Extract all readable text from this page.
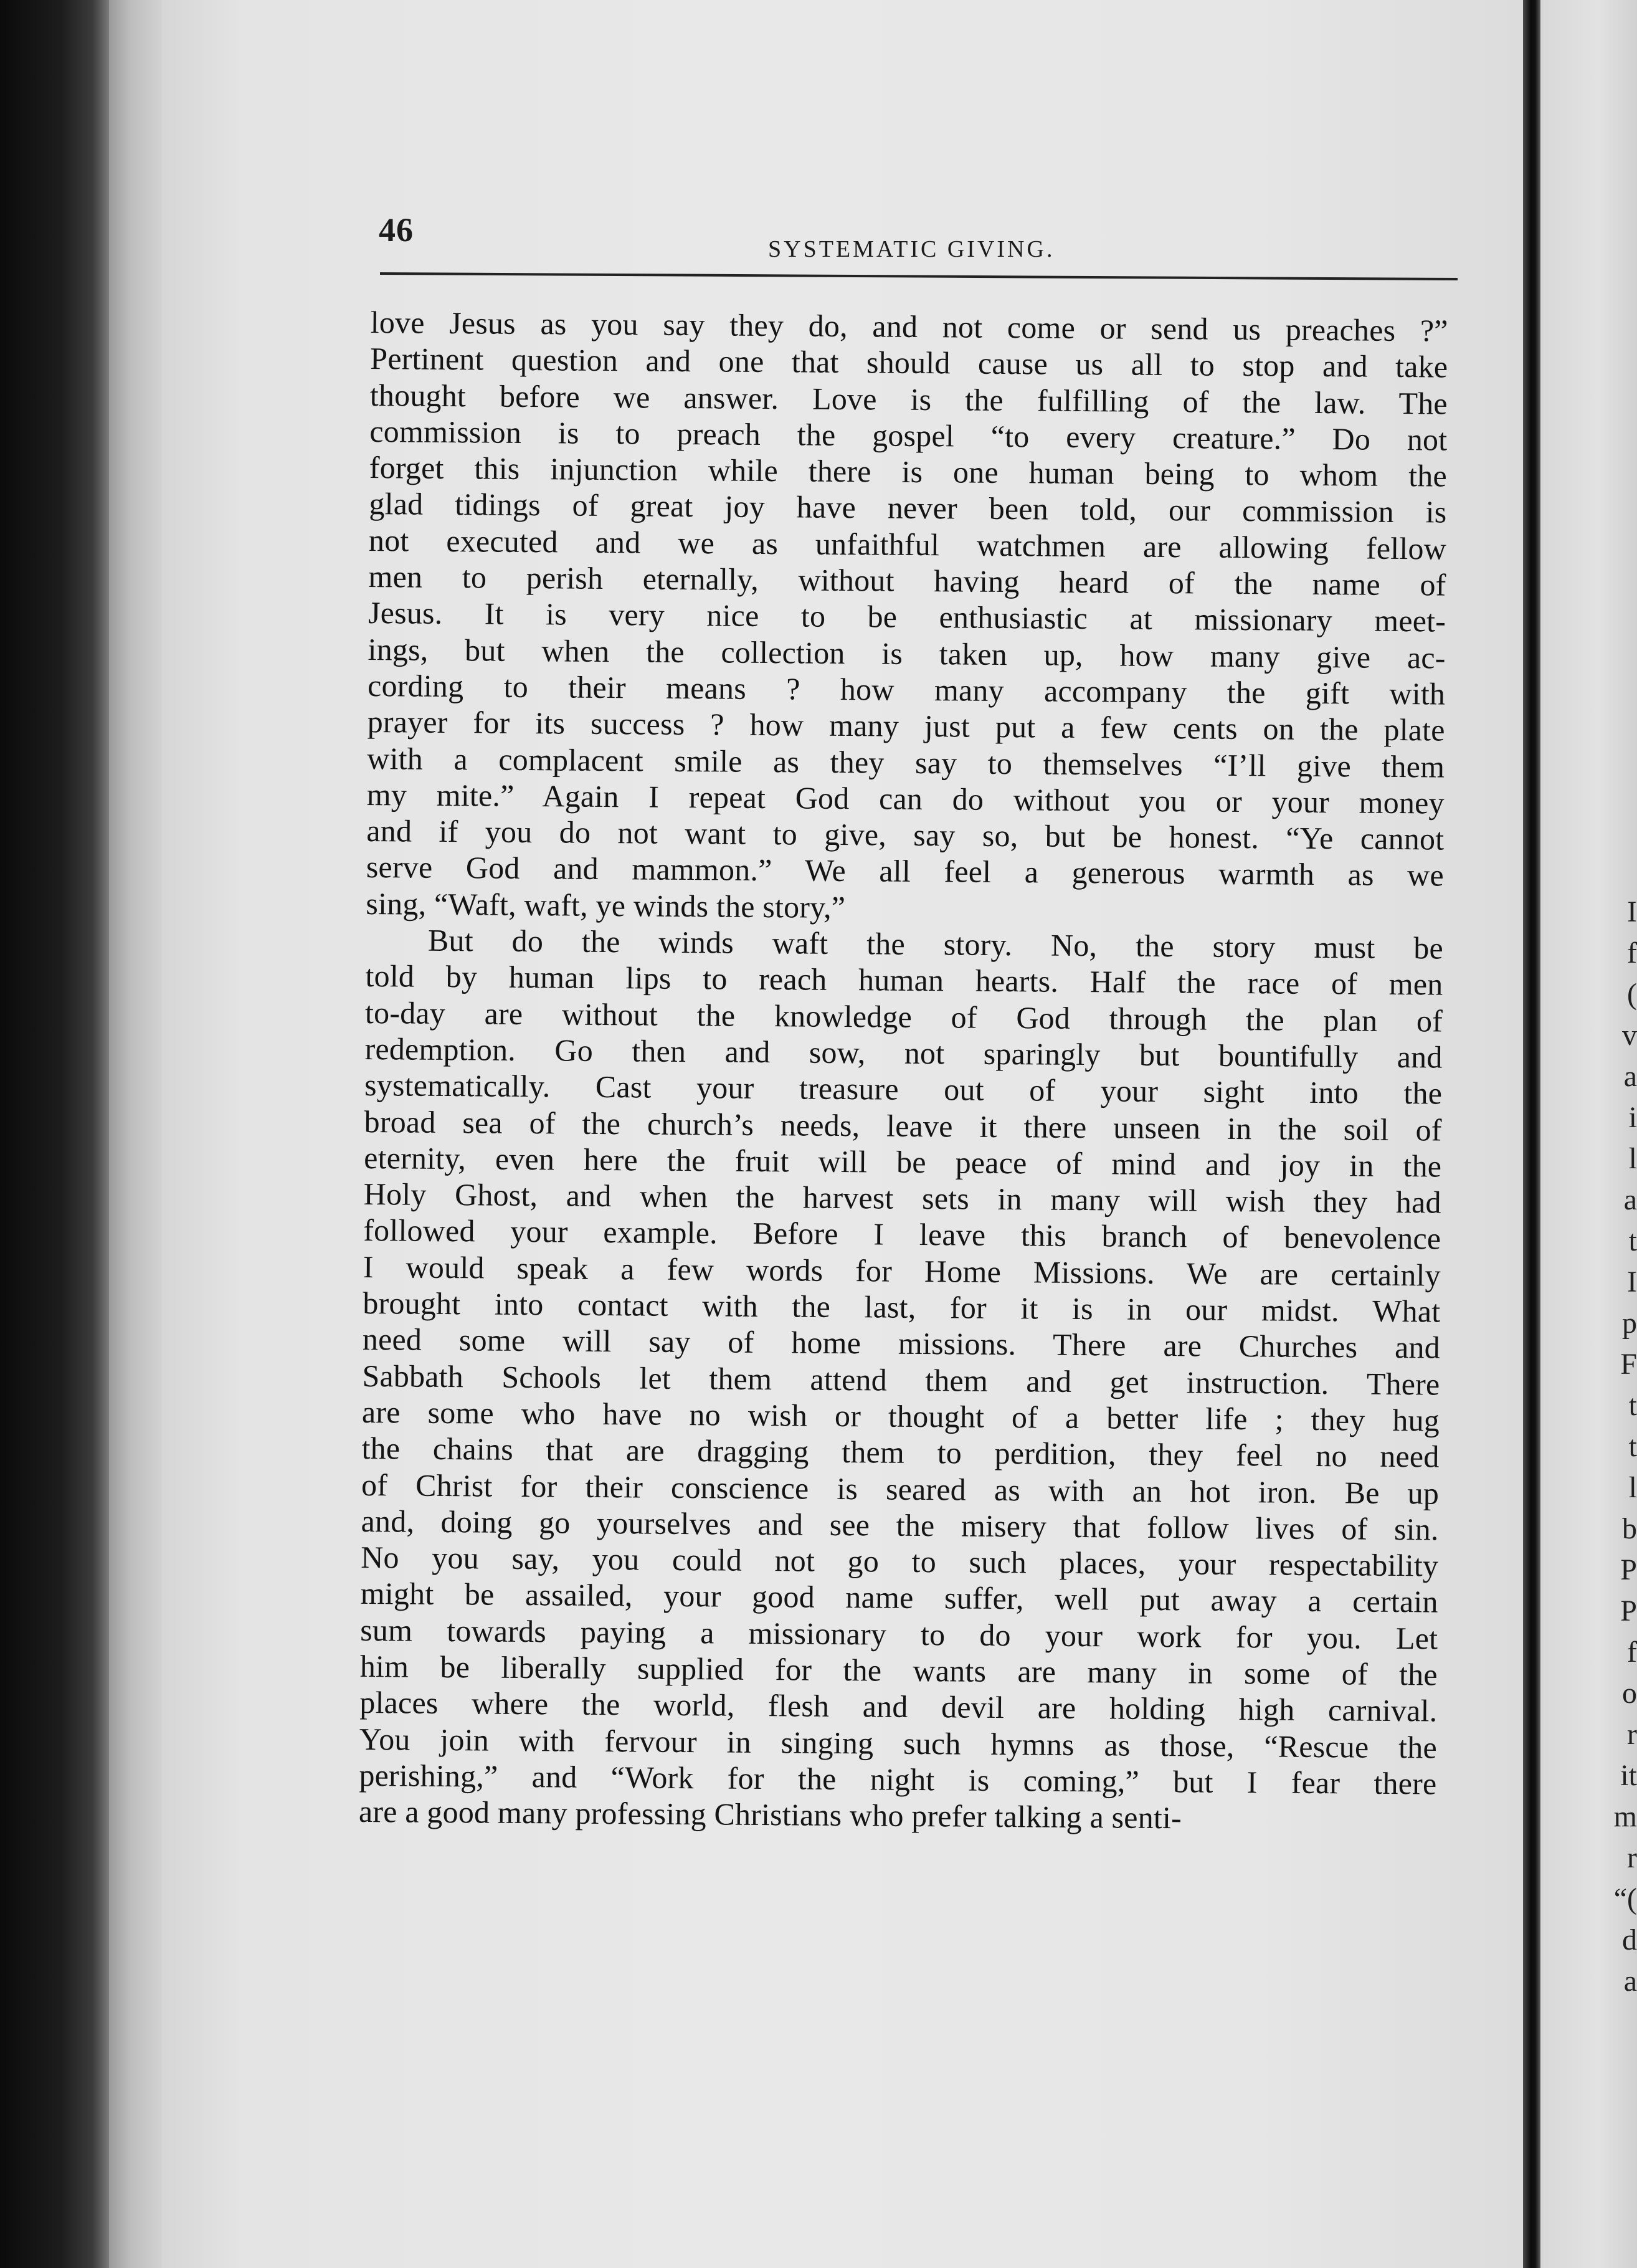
46
SYSTEMATIC GIVING.
love Jesus as you say they do, and not come or send us preaches ?”
Pertinent question and one that should cause us all to stop and take
thought before we answer. Love is the fulfilling of the law. The
commission is to preach the gospel “to every creature.” Do not
forget this injunction while there is one human being to whom the
glad tidings of great joy have never been told, our commission is
not executed and we as unfaithful watchmen are allowing fellow
men to perish eternally, without having heard of the name of
Jesus. It is very nice to be enthusiastic at missionary meet-
ings, but when the collection is taken up, how many give ac-
cording to their means ? how many accompany the gift with
prayer for its success ? how many just put a few cents on the plate
with a complacent smile as they say to themselves “I’ll give them
my mite.” Again I repeat God can do without you or your money
and if you do not want to give, say so, but be honest. “Ye cannot
serve God and mammon.” We all feel a generous warmth as we
sing, “Waft, waft, ye winds the story,”
But do the winds waft the story. No, the story must be
told by human lips to reach human hearts. Half the race of men
to-day are without the knowledge of God through the plan of
redemption. Go then and sow, not sparingly but bountifully and
systematically. Cast your treasure out of your sight into the
broad sea of the church’s needs, leave it there unseen in the soil of
eternity, even here the fruit will be peace of mind and joy in the
Holy Ghost, and when the harvest sets in many will wish they had
followed your example. Before I leave this branch of benevolence
I would speak a few words for Home Missions. We are certainly
brought into contact with the last, for it is in our midst. What
need some will say of home missions. There are Churches and
Sabbath Schools let them attend them and get instruction. There
are some who have no wish or thought of a better life ; they hug
the chains that are dragging them to perdition, they feel no need
of Christ for their conscience is seared as with an hot iron. Be up
and, doing go yourselves and see the misery that follow lives of sin.
No you say, you could not go to such places, your respectability
might be assailed, your good name suffer, well put away a certain
sum towards paying a missionary to do your work for you. Let
him be liberally supplied for the wants are many in some of the
places where the world, flesh and devil are holding high carnival.
You join with fervour in singing such hymns as those, “Rescue the
perishing,” and “Work for the night is coming,” but I fear there
are a good many professing Christians who prefer talking a senti-
I
f
(
v
a
i
l
a
t
I
p
F
t
t
l
b
P
P
f
o
r
it
m
r
“(
d
a
